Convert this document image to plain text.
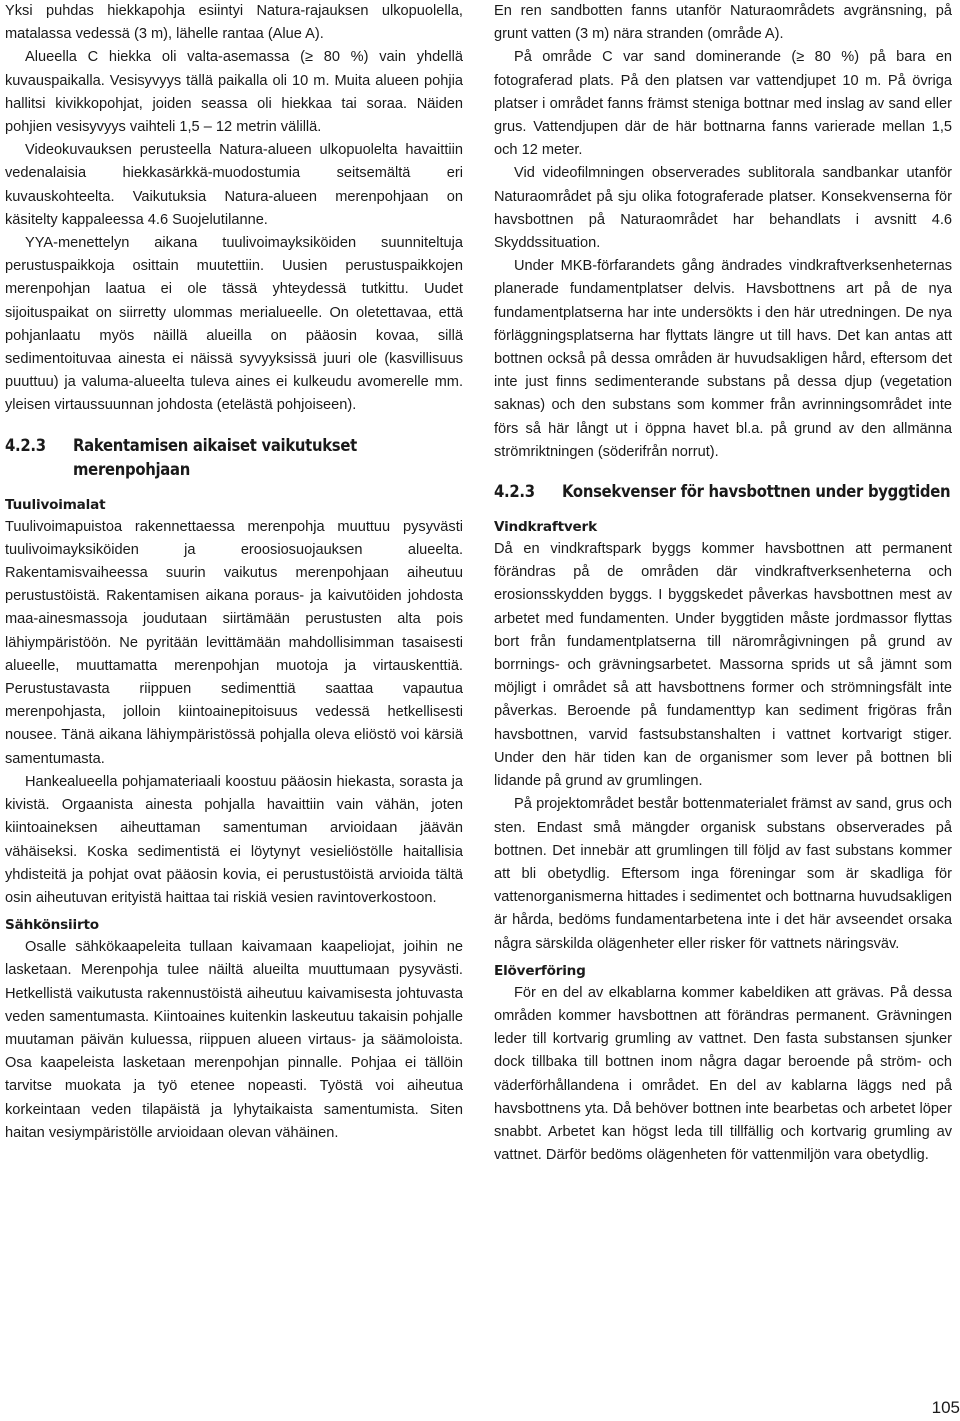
Yksi puhdas hiekkapohja esiintyi Natura-rajauksen ulkopuolella, matalassa vedessä (3 m), lähelle rantaa (Alue A).

Alueella C hiekka oli valta-asemassa (≥ 80 %) vain yhdellä kuvauspaikalla. Vesisyvyys tällä paikalla oli 10 m. Muita alueen pohjia hallitsi kivikkopohjat, joiden seassa oli hiekkaa tai soraa. Näiden pohjien vesisyvyys vaihteli 1,5 – 12 metrin välillä.

Videokuvauksen perusteella Natura-alueen ulkopuolelta havaittiin vedenalaisia hiekkasärkkä-muodostumia seitsemältä eri kuvauskohteelta. Vaikutuksia Natura-alueen merenpohjaan on käsitelty kappaleessa 4.6 Suojelutilanne.

YYA-menettelyn aikana tuulivoimayksiköiden suunniteltuja perustuspaikkoja osittain muutettiin. Uusien perustuspaikkojen merenpohjan laatua ei ole tässä yhteydessä tutkittu. Uudet sijoituspaikat on siirretty ulommas merialueelle. On oletettavaa, että pohjanlaatu myös näillä alueilla on pääosin kovaa, sillä sedimentoituvaa ainesta ei näissä syvyyksissä juuri ole (kasvillisuus puuttuu) ja valuma-alueelta tuleva aines ei kulkeudu avomerelle mm. yleisen virtaussuunnan johdosta (etelästä pohjoiseen).

4.2.3	Rakentamisen aikaiset vaikutukset merenpohjaan
Tuulivoimalat

Tuulivoimapuistoa rakennettaessa merenpohja muuttuu pysyvästi tuulivoimayksiköiden ja eroosiosuojauksen alueelta. Rakentamisvaiheessa suurin vaikutus merenpohjaan aiheutuu perustustöistä. Rakentamisen aikana poraus- ja kaivutöiden johdosta maa-ainesmassoja joudutaan siirtämään perustusten alta pois lähiympäristöön. Ne pyritään levittämään mahdollisimman tasaisesti alueelle, muuttamatta merenpohjan muotoja ja virtauskenttiä. Perustustavasta riippuen sedimenttiä saattaa vapautua merenpohjasta, jolloin kiintoainepitoisuus vedessä hetkellisesti nousee. Tänä aikana lähiympäristössä pohjalla oleva eliöstö voi kärsiä samentumasta.

Hankealueella pohjamateriaali koostuu pääosin hiekasta, sorasta ja kivistä. Orgaanista ainesta pohjalla havaittiin vain vähän, joten kiintoaineksen aiheuttaman samentuman arvioidaan jäävän vähäiseksi. Koska sedimentistä ei löytynyt vesieliöstölle haitallisia yhdisteitä ja pohjat ovat pääosin kovia, ei perustustöistä arvioida tältä osin aiheutuvan erityistä haittaa tai riskiä vesien ravintoverkostoon.

Sähkönsiirto

Osalle sähkökaapeleita tullaan kaivamaan kaapeliojat, joihin ne lasketaan. Merenpohja tulee näiltä alueilta muuttumaan pysyvästi. Hetkellistä vaikutusta rakennustöistä aiheutuu kaivamisesta johtuvasta veden samentumasta. Kiintoaines kuitenkin laskeutuu takaisin pohjalle muutaman päivän kuluessa, riippuen alueen virtaus- ja säämoloista. Osa kaapeleista lasketaan merenpohjan pinnalle. Pohjaa ei tällöin tarvitse muokata ja työ etenee nopeasti. Työstä voi aiheutua korkeintaan veden tilapäistä ja lyhytaikaista samentumista. Siten haitan vesiympäristölle arvioidaan olevan vähäinen.

En ren sandbotten fanns utanför Naturaområdets avgränsning, på grunt vatten (3 m) nära stranden (område A).

På område C var sand dominerande (≥ 80 %) på bara en fotograferad plats. På den platsen var vattendjupet 10 m. På övriga platser i området fanns främst steniga bottnar med inslag av sand eller grus. Vattendjupen där de här bottnarna fanns varierade mellan 1,5 och 12 meter.

Vid videofilmningen observerades sublitorala sandbankar utanför Naturaområdet på sju olika fotograferade platser. Konsekvenserna för havsbottnen på Naturaområdet har behandlats i avsnitt 4.6 Skyddssituation.

Under MKB-förfarandets gång ändrades vindkraftverksenheternas planerade fundamentplatser delvis. Havsbottnens art på de nya fundamentplatserna har inte undersökts i den här utredningen. De nya förläggningsplatserna har flyttats längre ut till havs. Det kan antas att bottnen också på dessa områden är huvudsakligen hård, eftersom det inte just finns sedimenterande substans på dessa djup (vegetation saknas) och den substans som kommer från avrinningsområdet inte förs så här långt ut i öppna havet bl.a. på grund av den allmänna strömriktningen (söderifrån norrut).

4.2.3	Konsekvenser för havsbottnen under byggtiden
Vindkraftverk

Då en vindkraftspark byggs kommer havsbottnen att permanent förändras på de områden där vindkraftverksenheterna och erosionsskydden byggs. I byggskedet påverkas havsbottnen mest av arbetet med fundamenten. Under byggtiden måste jordmassor flyttas bort från fundamentplatserna till närområgivningen på grund av borrnings- och grävningsarbetet. Massorna sprids ut så jämnt som möjligt i området så att havsbottnens former och strömningsfält inte påverkas. Beroende på fundamenttyp kan sediment frigöras från havsbottnen, varvid fastsubstanshalten i vattnet kortvarigt stiger. Under den här tiden kan de organismer som lever på bottnen bli lidande på grund av grumlingen.

På projektområdet består bottenmaterialet främst av sand, grus och sten. Endast små mängder organisk substans observerades på bottnen. Det innebär att grumlingen till följd av fast substans kommer att bli obetydlig. Eftersom inga föreningar som är skadliga för vattenorganismerna hittades i sedimentet och bottnarna huvudsakligen är hårda, bedöms fundamentarbetena inte i det här avseendet orsaka några särskilda olägenheter eller risker för vattnets näringsväv.

Elöverföring

För en del av elkablarna kommer kabeldiken att grävas. På dessa områden kommer havsbottnen att förändras permanent. Grävningen leder till kortvarig grumling av vattnet. Den fasta substansen sjunker dock tillbaka till bottnen inom några dagar beroende på ström- och väderförhållandena i området. En del av kablarna läggs ned på havsbottnens yta. Då behöver bottnen inte bearbetas och arbetet löper snabbt. Arbetet kan högst leda till tillfällig och kortvarig grumling av vattnet. Därför bedöms olägenheten för vattenmiljön vara obetydlig.

105
